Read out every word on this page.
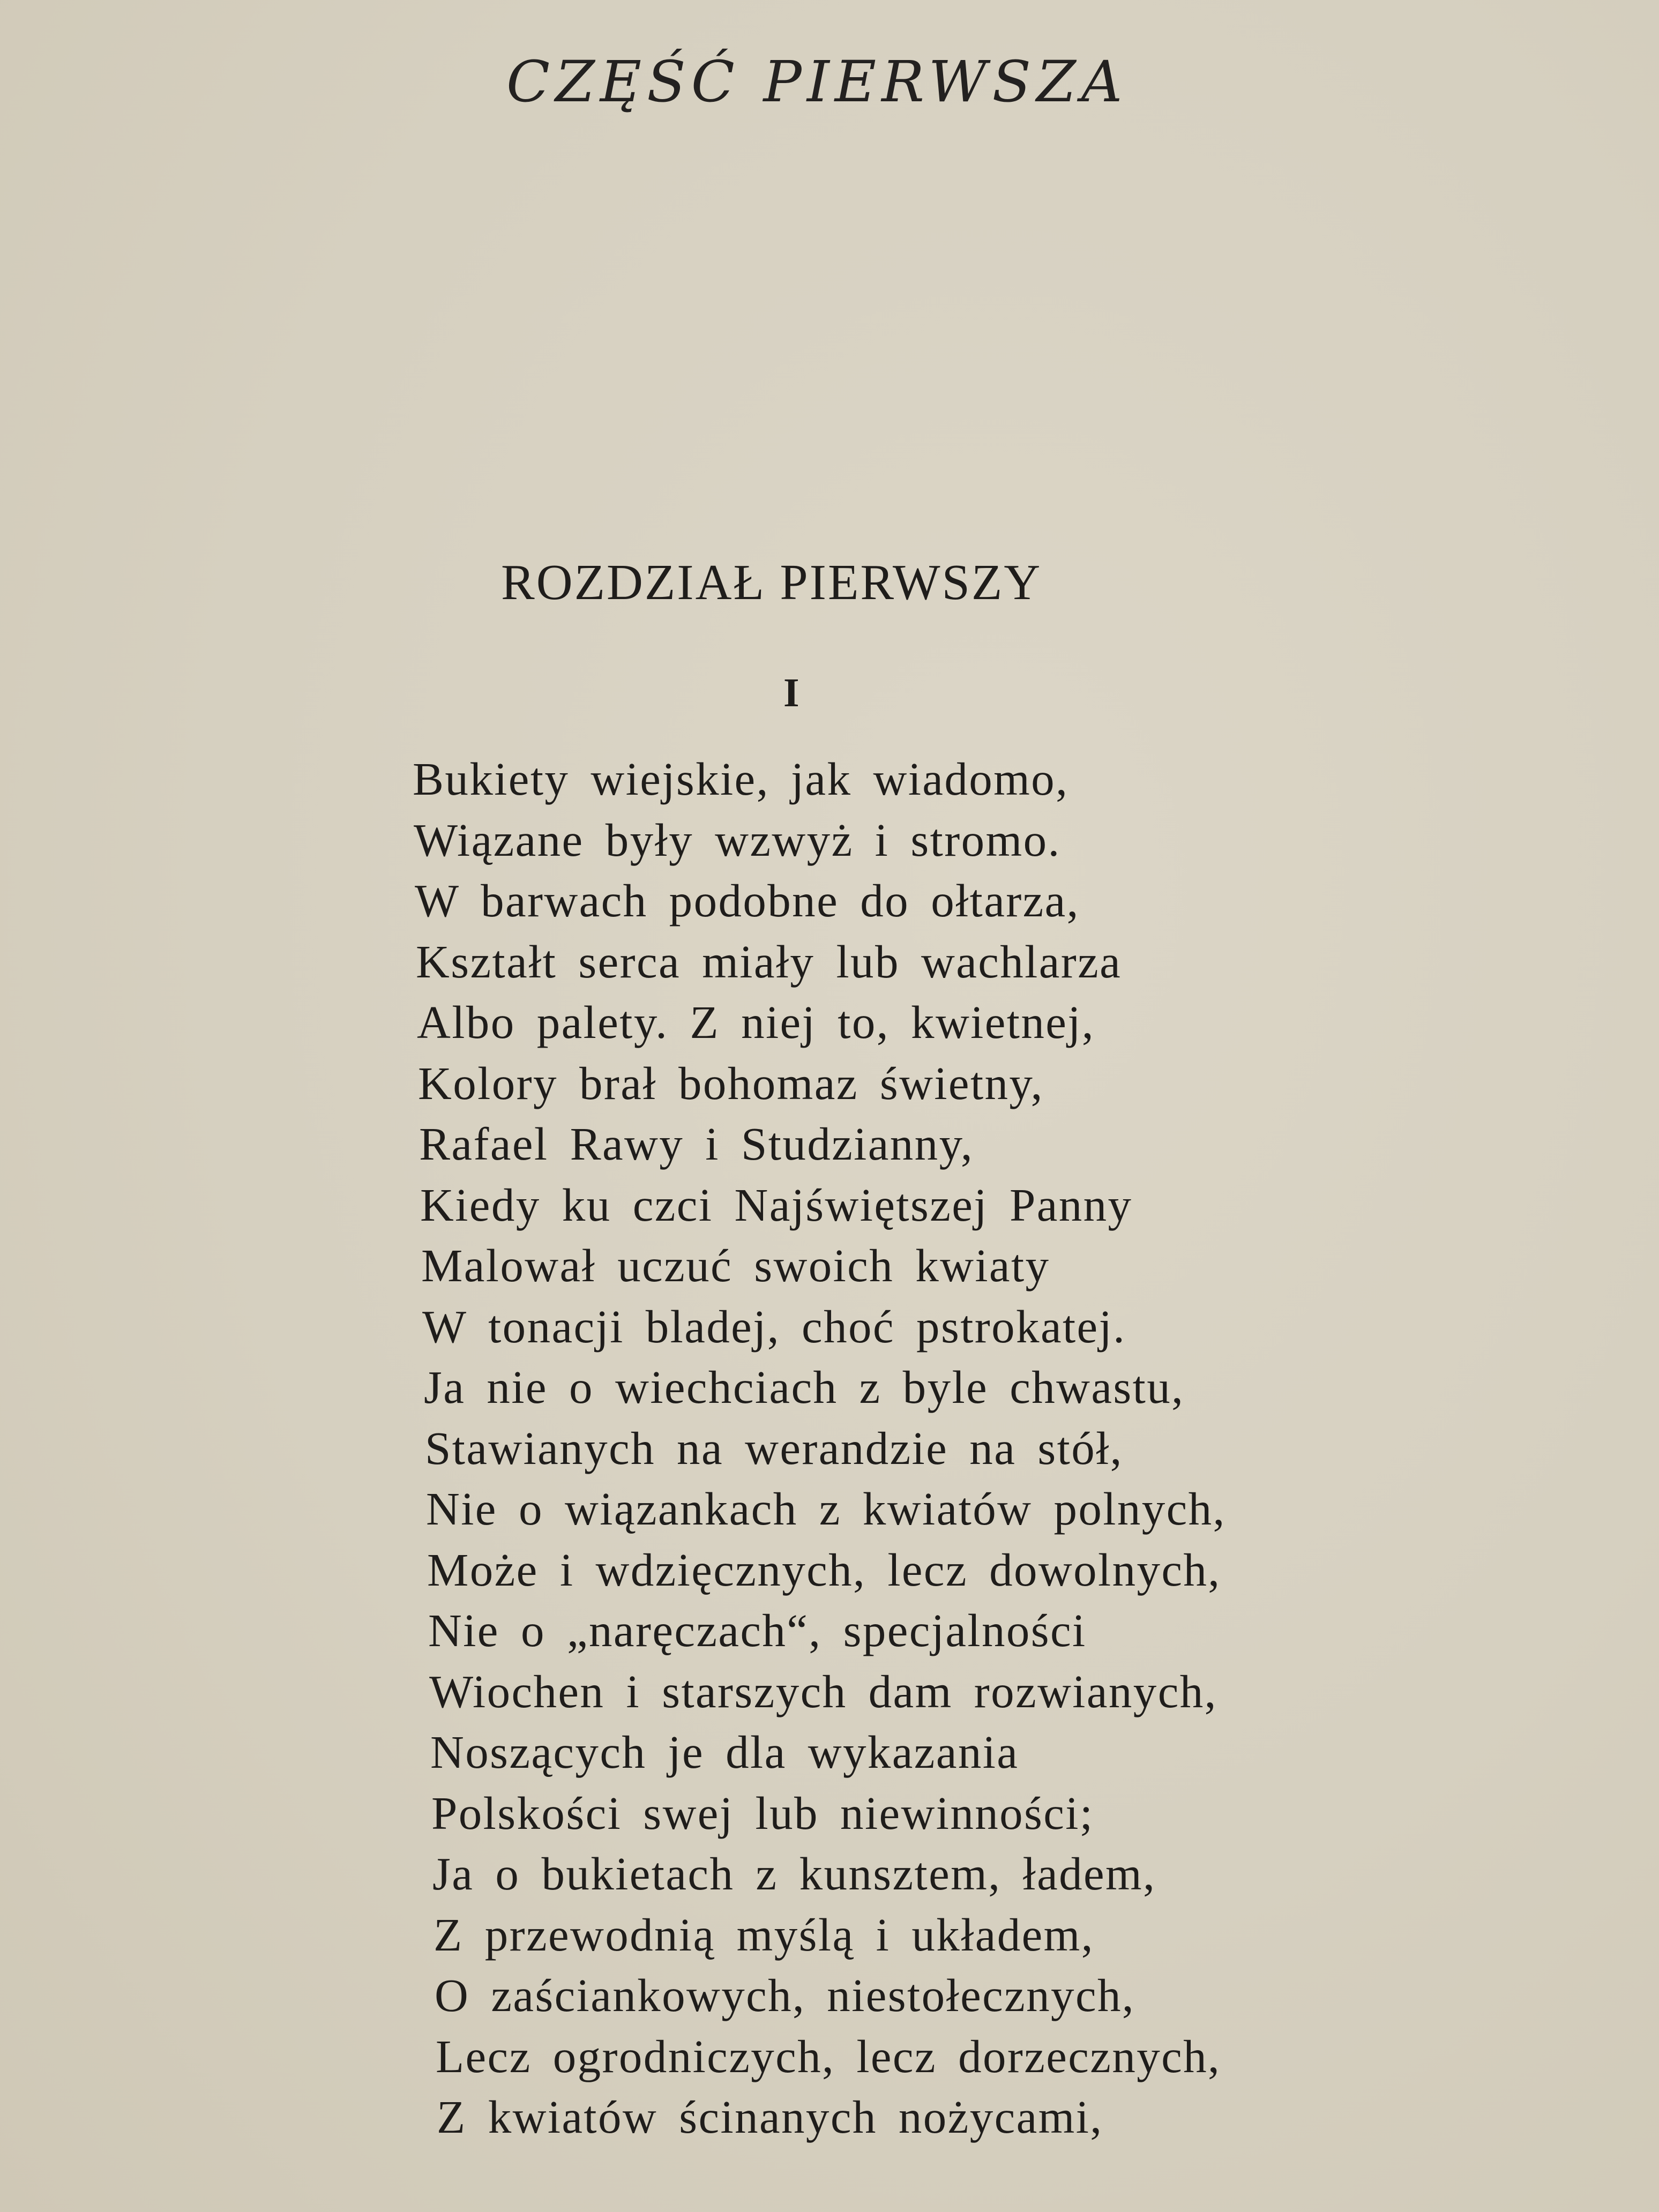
CZĘŚĆ PIERWSZA
ROZDZIAŁ PIERWSZY
I
Bukiety wiejskie, jak wiadomo,
Wiązane były wzwyż i stromo.
W barwach podobne do ołtarza,
Kształt serca miały lub wachlarza
Albo palety. Z niej to, kwietnej,
Kolory brał bohomaz świetny,
Rafael Rawy i Studzianny,
Kiedy ku czci Najświętszej Panny
Malował uczuć swoich kwiaty
W tonacji bladej, choć pstrokatej.
Ja nie o wiechciach z byle chwastu,
Stawianych na werandzie na stół,
Nie o wiązankach z kwiatów polnych,
Może i wdzięcznych, lecz dowolnych,
Nie o „naręczach“, specjalności
Wiochen i starszych dam rozwianych,
Noszących je dla wykazania
Polskości swej lub niewinności;
Ja o bukietach z kunsztem, ładem,
Z przewodnią myślą i układem,
O zaściankowych, niestołecznych,
Lecz ogrodniczych, lecz dorzecznych,
Z kwiatów ścinanych nożycami,
